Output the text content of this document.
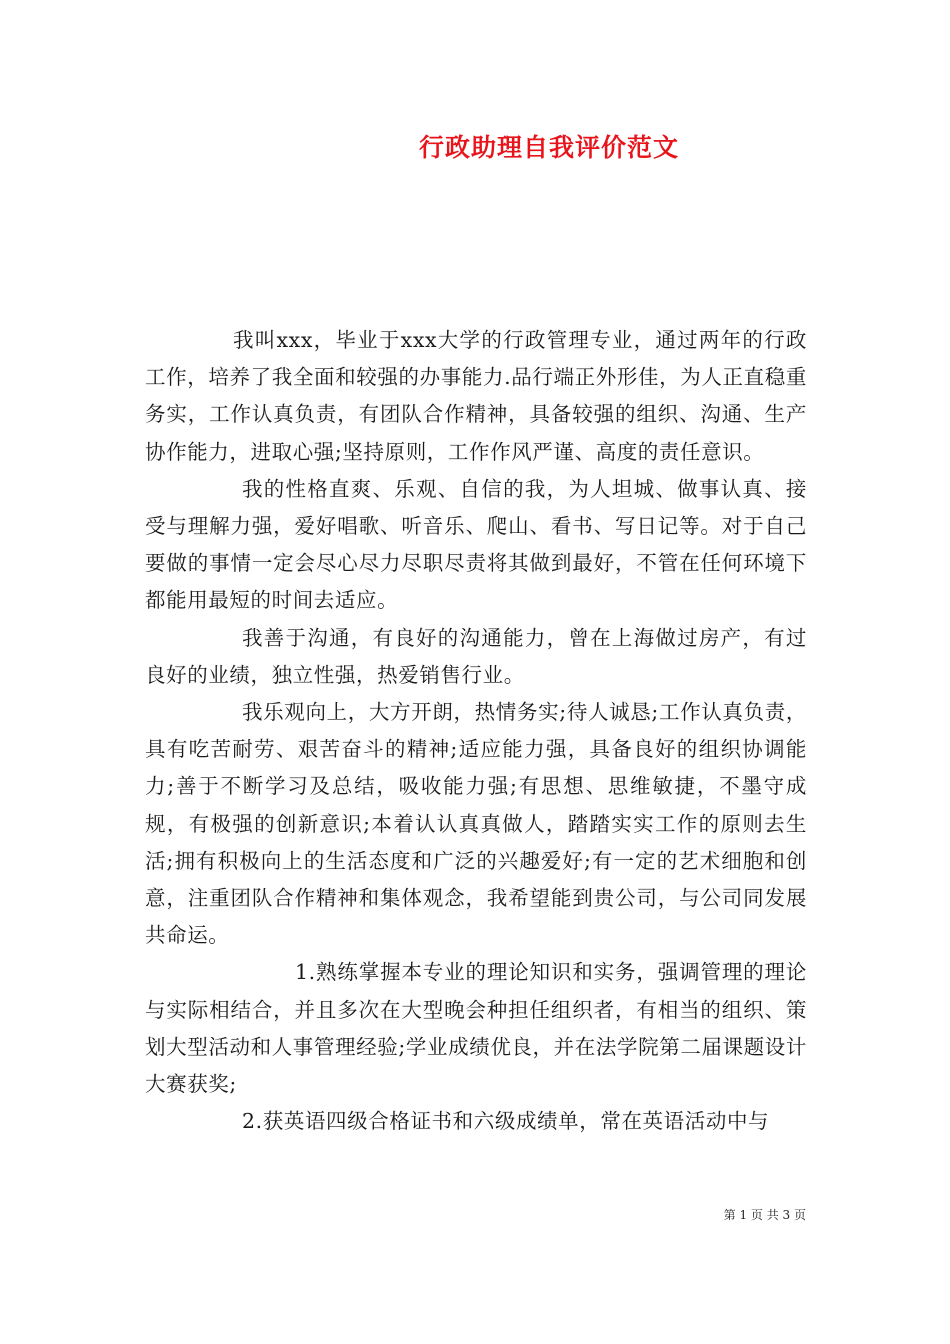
行政助理自我评价范文

我叫xxx，毕业于xxx大学的行政管理专业，通过两年的行政工作，培养了我全面和较强的办事能力.品行端正外形佳，为人正直稳重务实，工作认真负责，有团队合作精神，具备较强的组织、沟通、生产协作能力，进取心强;坚持原则，工作作风严谨、高度的责任意识。

我的性格直爽、乐观、自信的我，为人坦城、做事认真、接受与理解力强，爱好唱歌、听音乐、爬山、看书、写日记等。对于自己要做的事情一定会尽心尽力尽职尽责将其做到最好，不管在任何环境下都能用最短的时间去适应。

我善于沟通，有良好的沟通能力，曾在上海做过房产，有过良好的业绩，独立性强，热爱销售行业。

我乐观向上，大方开朗，热情务实;待人诚恳;工作认真负责，具有吃苦耐劳、艰苦奋斗的精神;适应能力强，具备良好的组织协调能力;善于不断学习及总结，吸收能力强;有思想、思维敏捷，不墨守成规，有极强的创新意识;本着认认真真做人，踏踏实实工作的原则去生活;拥有积极向上的生活态度和广泛的兴趣爱好;有一定的艺术细胞和创意，注重团队合作精神和集体观念，我希望能到贵公司，与公司同发展共命运。

1.熟练掌握本专业的理论知识和实务，强调管理的理论与实际相结合，并且多次在大型晚会种担任组织者，有相当的组织、策划大型活动和人事管理经验;学业成绩优良，并在法学院第二届课题设计大赛获奖;

2.获英语四级合格证书和六级成绩单，常在英语活动中与

第 1 页 共 3 页
